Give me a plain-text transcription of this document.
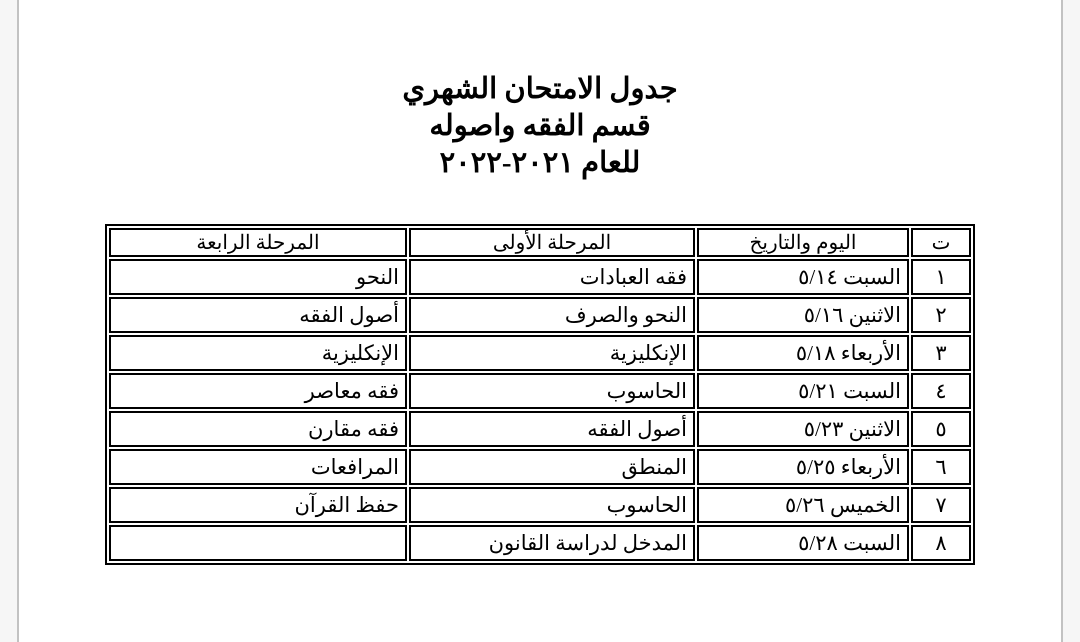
جدول الامتحان الشهري
قسم الفقه واصوله
للعام ٢٠٢١-٢٠٢٢
ت	اليوم والتاريخ	المرحلة الأولى	المرحلة الرابعة
١	السبت ٥/١٤	فقه العبادات	النحو
٢	الاثنين ٥/١٦	النحو والصرف	أصول الفقه
٣	الأربعاء ٥/١٨	الإنكليزية	الإنكليزية
٤	السبت ٥/٢١	الحاسوب	فقه معاصر
٥	الاثنين ٥/٢٣	أصول الفقه	فقه مقارن
٦	الأربعاء ٥/٢٥	المنطق	المرافعات
٧	الخميس ٥/٢٦	الحاسوب	حفظ القرآن
٨	السبت ٥/٢٨	المدخل لدراسة القانون	
